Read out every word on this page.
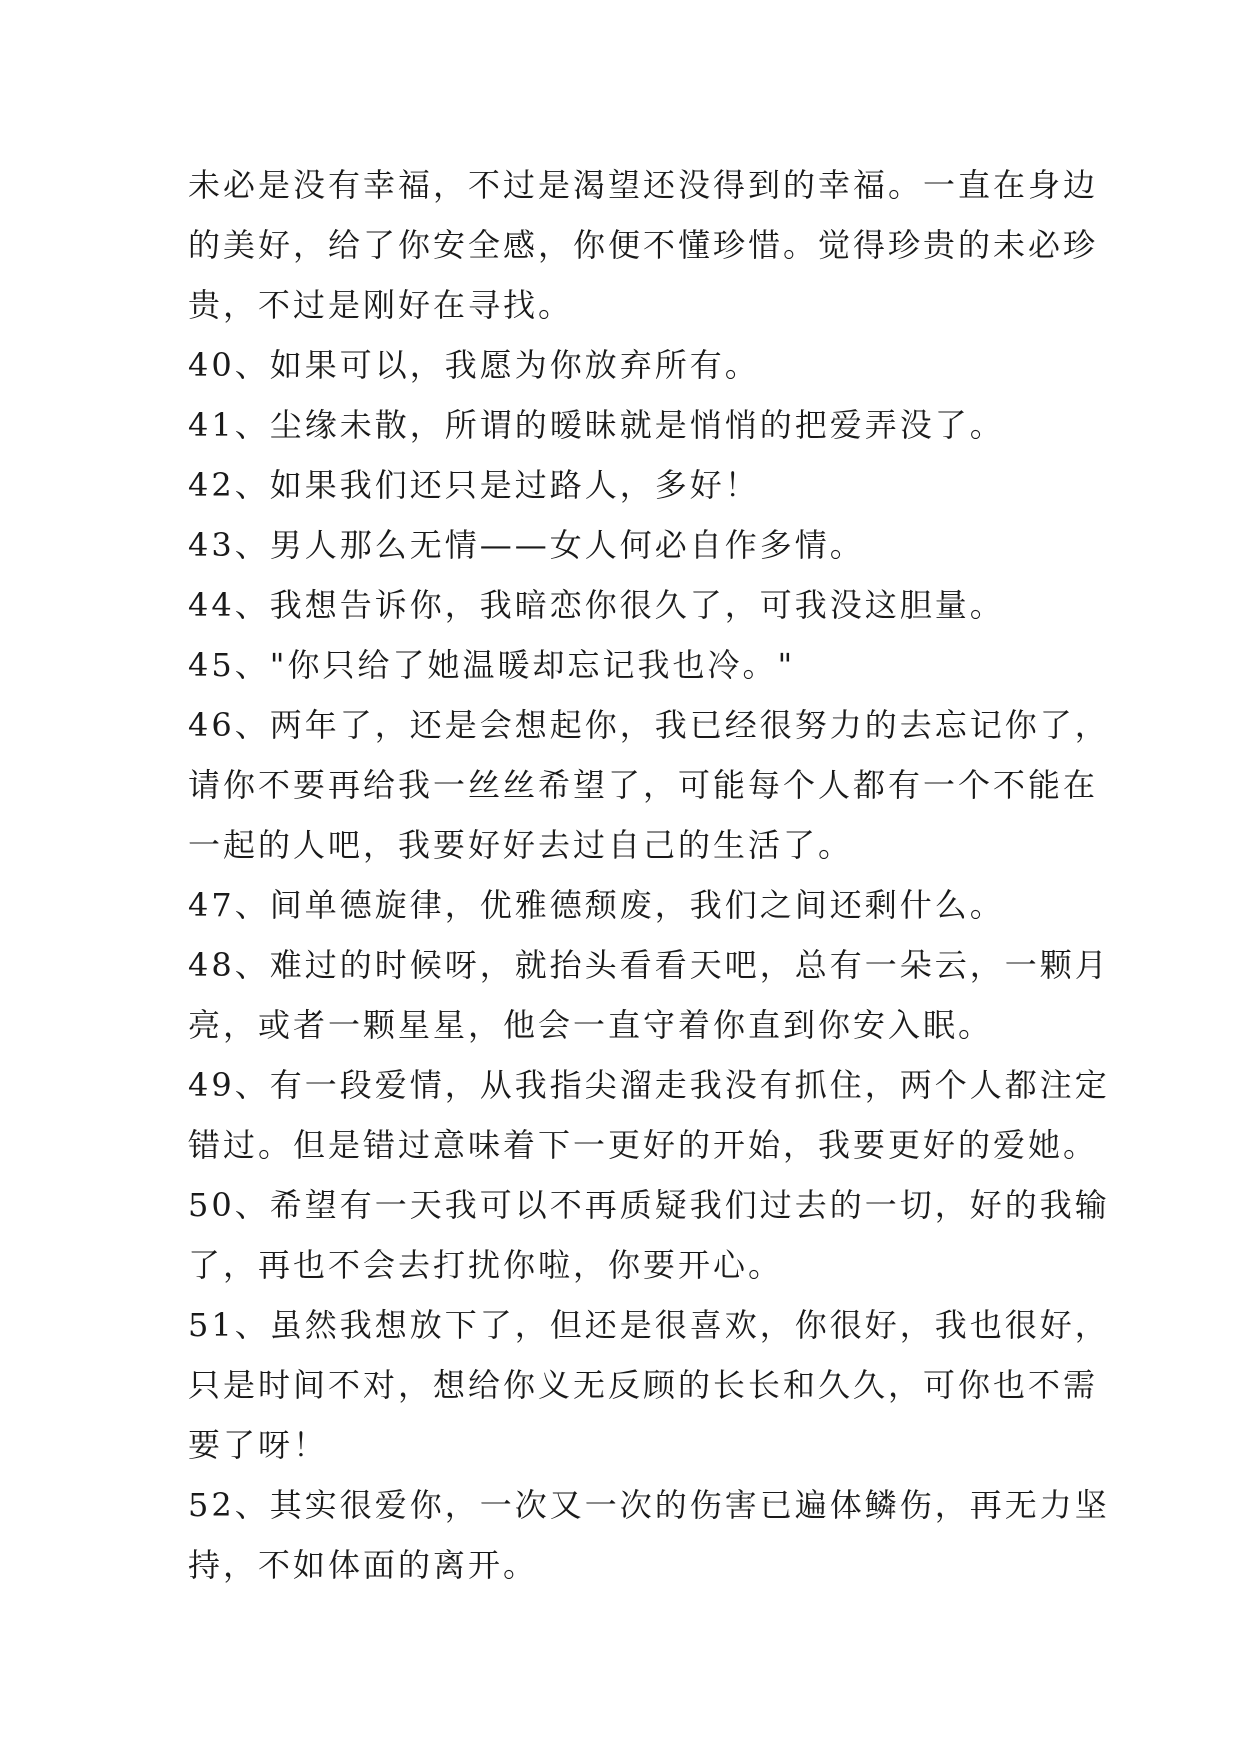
未必是没有幸福，不过是渴望还没得到的幸福。一直在身边
的美好，给了你安全感，你便不懂珍惜。觉得珍贵的未必珍
贵，不过是刚好在寻找。
40、如果可以，我愿为你放弃所有。
41、尘缘未散，所谓的暧昧就是悄悄的把爱弄没了。
42、如果我们还只是过路人，多好！
43、男人那么无情——女人何必自作多情。
44、我想告诉你，我暗恋你很久了，可我没这胆量。
45、"你只给了她温暖却忘记我也冷。"
46、两年了，还是会想起你，我已经很努力的去忘记你了，
请你不要再给我一丝丝希望了，可能每个人都有一个不能在
一起的人吧，我要好好去过自己的生活了。
47、间单德旋律，优雅德颓废，我们之间还剩什么。
48、难过的时候呀，就抬头看看天吧，总有一朵云，一颗月
亮，或者一颗星星，他会一直守着你直到你安入眠。
49、有一段爱情，从我指尖溜走我没有抓住，两个人都注定
错过。但是错过意味着下一更好的开始，我要更好的爱她。
50、希望有一天我可以不再质疑我们过去的一切，好的我输
了，再也不会去打扰你啦，你要开心。
51、虽然我想放下了，但还是很喜欢，你很好，我也很好，
只是时间不对，想给你义无反顾的长长和久久，可你也不需
要了呀！
52、其实很爱你，一次又一次的伤害已遍体鳞伤，再无力坚
持，不如体面的离开。
